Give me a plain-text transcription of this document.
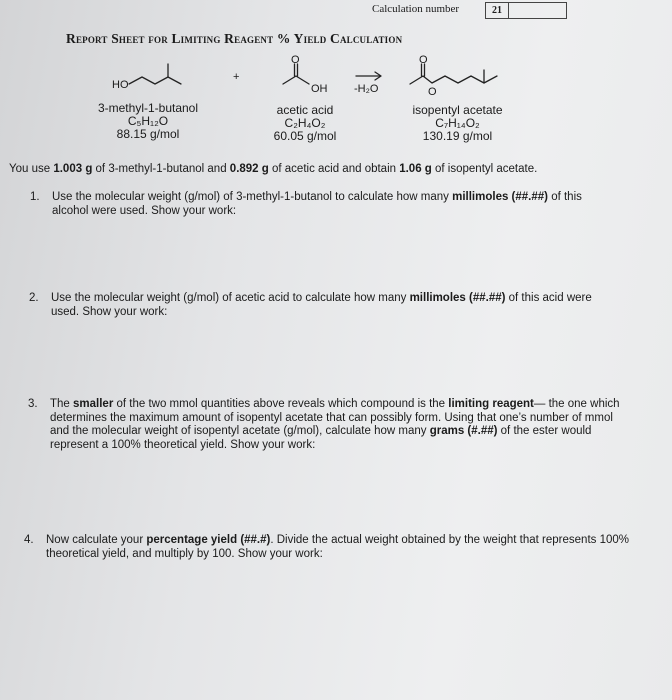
Calculation number	21
Report Sheet for Limiting Reagent % Yield Calculation
HO
+
O
OH -H₂O
O
O
3-methyl-1-butanol
C₅H₁₂O
88.15 g/mol
acetic acid
C₂H₄O₂
60.05 g/mol
isopentyl acetate
C₇H₁₄O₂
130.19 g/mol
You use 1.003 g of 3-methyl-1-butanol and 0.892 g of acetic acid and obtain 1.06 g of isopentyl acetate.
1. Use the molecular weight (g/mol) of 3-methyl-1-butanol to calculate how many millimoles (##.##) of this alcohol were used. Show your work:
2. Use the molecular weight (g/mol) of acetic acid to calculate how many millimoles (##.##) of this acid were used. Show your work:
3. The smaller of the two mmol quantities above reveals which compound is the limiting reagent— the one which determines the maximum amount of isopentyl acetate that can possibly form. Using that one’s number of mmol and the molecular weight of isopentyl acetate (g/mol), calculate how many grams (#.##) of the ester would represent a 100% theoretical yield. Show your work:
4. Now calculate your percentage yield (##.#). Divide the actual weight obtained by the weight that represents 100% theoretical yield, and multiply by 100. Show your work:
